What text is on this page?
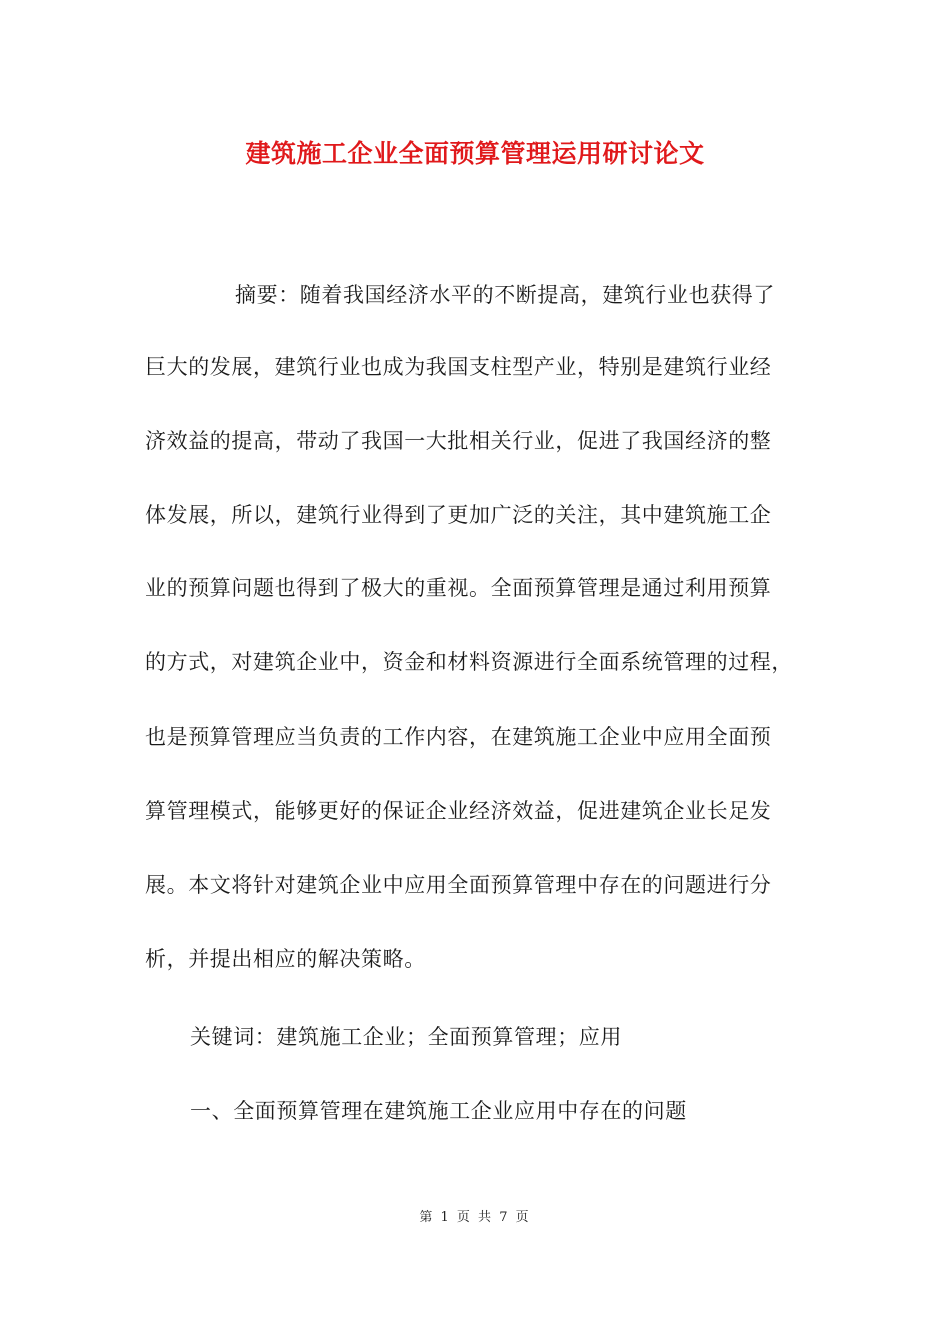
建筑施工企业全面预算管理运用研讨论文
摘要：随着我国经济水平的不断提高，建筑行业也获得了
巨大的发展，建筑行业也成为我国支柱型产业，特别是建筑行业经
济效益的提高，带动了我国一大批相关行业，促进了我国经济的整
体发展，所以，建筑行业得到了更加广泛的关注，其中建筑施工企
业的预算问题也得到了极大的重视。全面预算管理是通过利用预算
的方式，对建筑企业中，资金和材料资源进行全面系统管理的过程，
也是预算管理应当负责的工作内容，在建筑施工企业中应用全面预
算管理模式，能够更好的保证企业经济效益，促进建筑企业长足发
展。本文将针对建筑企业中应用全面预算管理中存在的问题进行分
析，并提出相应的解决策略。
关键词：建筑施工企业；全面预算管理；应用
一、全面预算管理在建筑施工企业应用中存在的问题
第 1 页 共 7 页
